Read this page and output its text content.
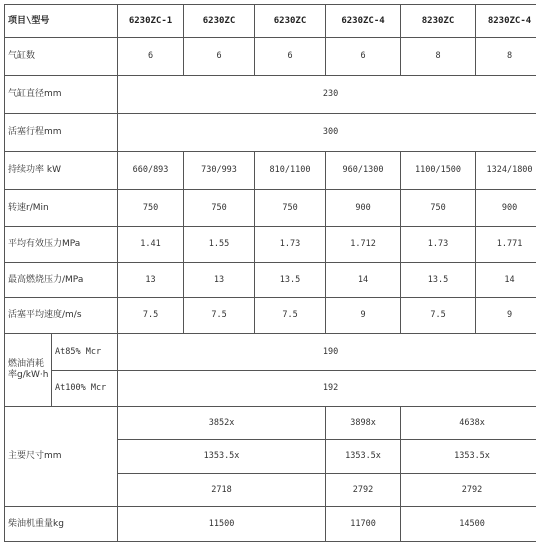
项目\型号		6230ZC-1	6230ZC	6230ZC	6230ZC-4	8230ZC	8230ZC-4
气缸数		6	6	6	6	8	8
气缸直径mm		230					
活塞行程mm		300					
持续功率 kW		660/893	730/993	810/1100	960/1300	1100/1500	1324/1800
转速r/Min		750	750	750	900	750	900
平均有效压力MPa		1.41	1.55	1.73	1.712	1.73	1.771
最高燃烧压力/MPa		13	13	13.5	14	13.5	14
活塞平均速度/m/s		7.5	7.5	7.5	9	7.5	9
燃油消耗率g/kW·h	At85% Mcr	190					
	At100% Mcr	192					
主要尺寸mm		3852x			3898x	4638x	
		1353.5x			1353.5x	1353.5x	
		2718			2792	2792	
柴油机重量kg		11500			11700	14500	
